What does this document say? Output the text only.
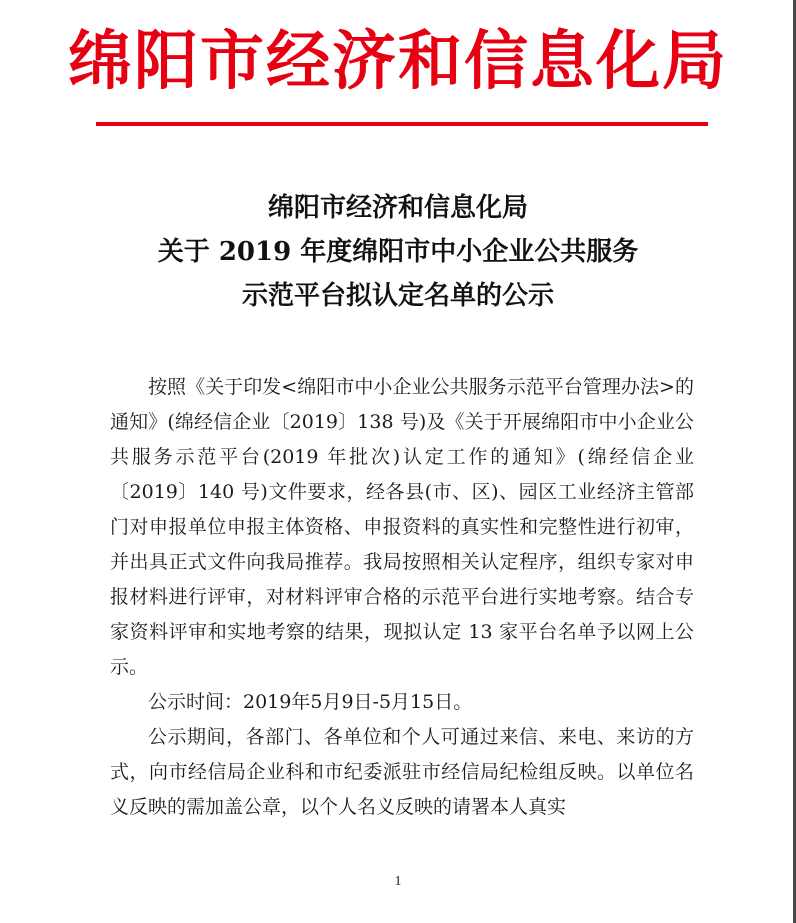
绵阳市经济和信息化局
绵阳市经济和信息化局
关于 2019 年度绵阳市中小企业公共服务
示范平台拟认定名单的公示

按照《关于印发<绵阳市中小企业公共服务示范平台管理办法>的通知》(绵经信企业〔2019〕138 号)及《关于开展绵阳市中小企业公共服务示范平台(2019 年批次)认定工作的通知》(绵经信企业〔2019〕140 号)文件要求，经各县(市、区)、园区工业经济主管部门对申报单位申报主体资格、申报资料的真实性和完整性进行初审，并出具正式文件向我局推荐。我局按照相关认定程序，组织专家对申报材料进行评审，对材料评审合格的示范平台进行实地考察。结合专家资料评审和实地考察的结果，现拟认定 13 家平台名单予以网上公示。

公示时间：2019年5月9日-5月15日。

公示期间，各部门、各单位和个人可通过来信、来电、来访的方式，向市经信局企业科和市纪委派驻市经信局纪检组反映。以单位名义反映的需加盖公章，以个人名义反映的请署本人真实

1
